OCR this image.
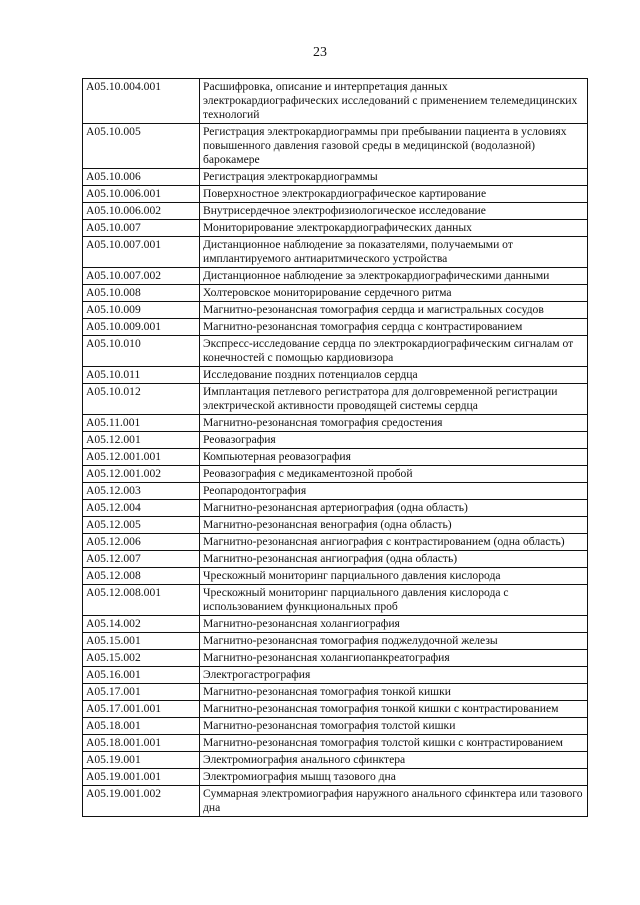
23
A05.10.004.001	Расшифровка, описание и интерпретация данных электрокардиографических исследований с применением телемедицинских технологий
A05.10.005	Регистрация электрокардиограммы при пребывании пациента в условиях повышенного давления газовой среды в медицинской (водолазной) барокамере
A05.10.006	Регистрация электрокардиограммы
A05.10.006.001	Поверхностное электрокардиографическое картирование
A05.10.006.002	Внутрисердечное электрофизиологическое исследование
A05.10.007	Мониторирование электрокардиографических данных
A05.10.007.001	Дистанционное наблюдение за показателями, получаемыми от имплантируемого антиаритмического устройства
A05.10.007.002	Дистанционное наблюдение за электрокардиографическими данными
A05.10.008	Холтеровское мониторирование сердечного ритма
A05.10.009	Магнитно-резонансная томография сердца и магистральных сосудов
A05.10.009.001	Магнитно-резонансная томография сердца с контрастированием
A05.10.010	Экспресс-исследование сердца по электрокардиографическим сигналам от конечностей с помощью кардиовизора
A05.10.011	Исследование поздних потенциалов сердца
A05.10.012	Имплантация петлевого регистратора для долговременной регистрации электрической активности проводящей системы сердца
A05.11.001	Магнитно-резонансная томография средостения
A05.12.001	Реовазография
A05.12.001.001	Компьютерная реовазография
A05.12.001.002	Реовазография с медикаментозной пробой
A05.12.003	Реопародонтография
A05.12.004	Магнитно-резонансная артериография (одна область)
A05.12.005	Магнитно-резонансная венография (одна область)
A05.12.006	Магнитно-резонансная ангиография с контрастированием (одна область)
A05.12.007	Магнитно-резонансная ангиография (одна область)
A05.12.008	Чрескожный мониторинг парциального давления кислорода
A05.12.008.001	Чрескожный мониторинг парциального давления кислорода с использованием функциональных проб
A05.14.002	Магнитно-резонансная холангиография
A05.15.001	Магнитно-резонансная томография поджелудочной железы
A05.15.002	Магнитно-резонансная холангиопанкреатография
A05.16.001	Электрогастрография
A05.17.001	Магнитно-резонансная томография тонкой кишки
A05.17.001.001	Магнитно-резонансная томография тонкой кишки с контрастированием
A05.18.001	Магнитно-резонансная томография толстой кишки
A05.18.001.001	Магнитно-резонансная томография толстой кишки с контрастированием
A05.19.001	Электромиография анального сфинктера
A05.19.001.001	Электромиография мышц тазового дна
A05.19.001.002	Суммарная электромиография наружного анального сфинктера или тазового дна
